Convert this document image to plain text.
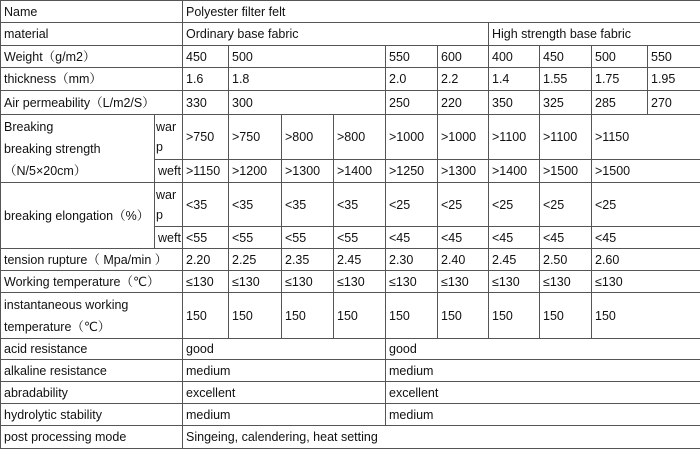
Name		Polyester filter felt										
material		Ordinary base fabric						High strength base fabric				
Weight（g/m2）		450	500			550	600	400	450	500	550	
thickness（mm）		1.6	1.8			2.0	2.2	1.4	1.55	1.75	1.95	
Air permeability（L/m2/S）		330	300			250	220	350	325	285	270	
Breaking
breaking strength
（N/5×20cm）	warp	>750	>750	>800	>800	>1000	>1000	>1100	>1100	>1150		
	weft	>1150	>1200	>1300	>1400	>1250	>1300	>1400	>1500	>1500		
breaking elongation（%）	warp	<35	<35	<35	<35	<25	<25	<25	<25	<25		
	weft	<55	<55	<55	<55	<45	<45	<45	<45	<45		
tension rupture（ Mpa/min ）		2.20	2.25	2.35	2.45	2.30	2.40	2.45	2.50	2.60		
Working temperature（℃）		≤130	≤130	≤130	≤130	≤130	≤130	≤130	≤130	≤130		
instantaneous working temperature（℃）		150	150	150	150	150	150	150	150	150		
acid resistance		good				good						
alkaline resistance		medium				medium						
abradability		excellent				excellent						
hydrolytic stability		medium				medium						
post processing mode		Singeing, calendering, heat setting										
